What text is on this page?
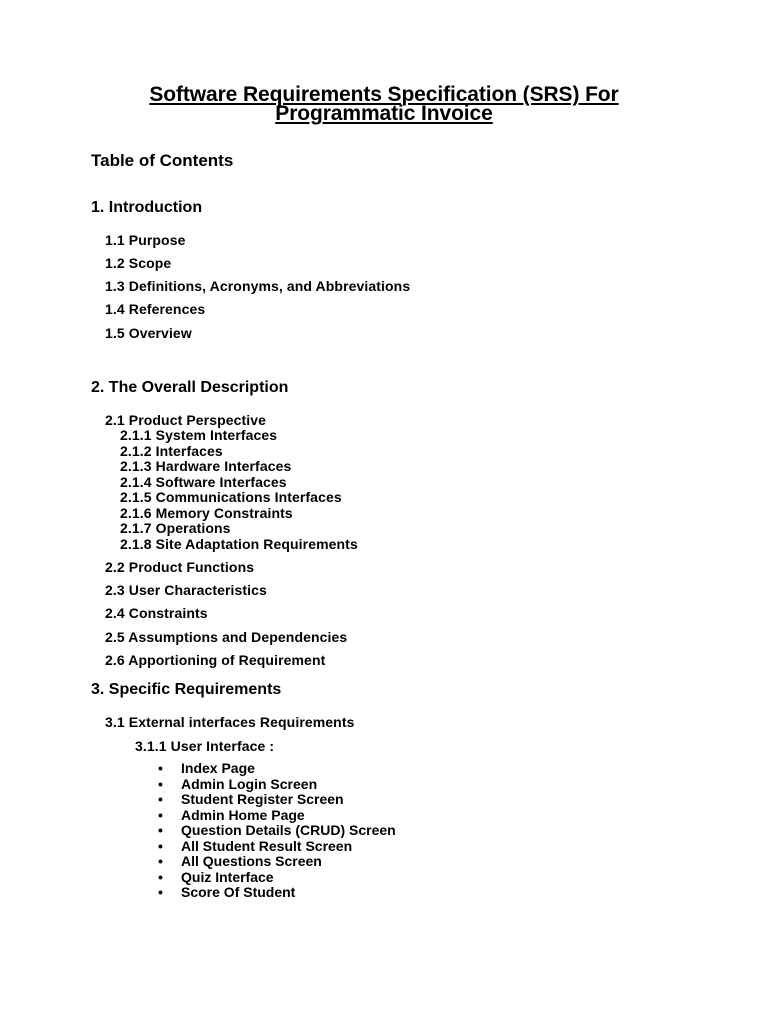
Software Requirements Specification (SRS) For
Programmatic Invoice
Table of Contents
1. Introduction
1.1 Purpose
1.2 Scope
1.3 Definitions, Acronyms, and Abbreviations
1.4 References
1.5 Overview
2. The Overall Description
2.1 Product Perspective
2.1.1 System Interfaces
2.1.2 Interfaces
2.1.3 Hardware Interfaces
2.1.4 Software Interfaces
2.1.5 Communications Interfaces
2.1.6 Memory Constraints
2.1.7 Operations
2.1.8 Site Adaptation Requirements
2.2 Product Functions
2.3 User Characteristics
2.4 Constraints
2.5 Assumptions and Dependencies
2.6 Apportioning of Requirement
3. Specific Requirements
3.1 External interfaces Requirements
3.1.1 User Interface :
• Index Page
• Admin Login Screen
• Student Register Screen
• Admin Home Page
• Question Details (CRUD) Screen
• All Student Result Screen
• All Questions Screen
• Quiz Interface
• Score Of Student
